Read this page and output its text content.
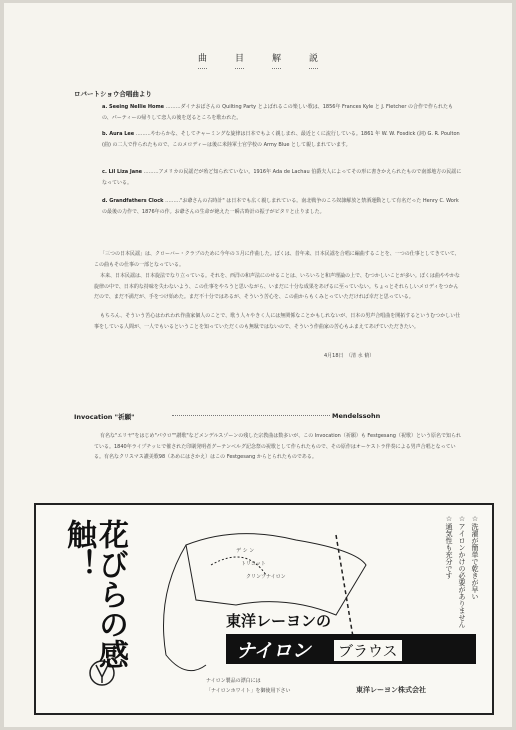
曲	目	解	説
ロバートショウ合唱曲より
a. Seeing Nellie Home ………ダイナおばさんの Quilting Party とよばれるこの楽しい歌は、1856年 Frances Kyle と J. Fletcher の合作で作られたもの、パーティーの帰りして恋人の後を送るところを歌われた。
b. Aura Lee ………やわらかな、そしてチャーミングな旋律は日本でもよく親しまれ、最近とくに流行している。1861 年 W. W. Fosdick (詞) G. R. Poulton (曲) の二人で作られたもので、このメロディーは後に米陸軍士官学校の Army Blue として親しまれています。
c. Lil Liza Jane ………アメリカの民謡だが殆ど知られていない。1916年 Ada de Lachau 伯爵夫人によってその形に書きかえられたもので南部地方の民謡になっている。
d. Grandfathers Clock ………"お爺さんの古時計" は日本でも広く親しまれている。南北戦争のころ奴隷解放と禁酒運動として有名だった Henry C. Work の最後の力作で、1876年の作。お爺さんの生命が絶えた一瞬古時計の振子がピタリと止りました。
「三つの日本民謡」は、クローバー・クラブのために今年の３月に作曲した。ぼくは、昔年来、日本民謡を合唱に編曲することを、一つの仕事としてきていて、この曲もその仕事の一部となっている。
本来、日本民謡は、日本旋法でなり立っている。それを、西洋の和声法にのせることは、いろいろと和声理論の上で、むつかしいことが多い。ぼくは曲ややかな旋律の中で、日本的な持味を失わないよう、この仕事をやろうと思いながら、いまだに十分な成果をあげるに至っていない。ちょっとそれらしいメロディをつかんだので、まだ不満だが、手をつけ始めた。まだ不十分ではあるが、そういう苦心を、この曲からもくみとっていただければ幸だと思っている。
もちろん、そういう苦心はわれわれ作曲家個人のことで、歌う人々やきく人には無関係なことかもしれないが、日本の男声合唱曲を開拓するというむつかしい仕事をしている人間が、一人でもいるということを知っていただくのも無駄ではないので、そういう作曲家の苦心もふまえてあげていただきたい。
4月18日　（清 水 脩）
Invocation "祈願"	Mendelssohn
有名な"エリヤ"をはじめ"パウロ""讃歌"などメンデルスゾーンの残した宗教曲は数多いが、この Invocation（祈願）も Festgesang（祝歌）という原名で知られている。1840年ライプチッヒで催された印刷発明者グーテンベルグ記念祭の祝歌として作られたもので、その原作はオーケストラ伴奏による男声合唱となっている。有名なクリスマス讃美歌98（あめにはさかえ）はこの Festgesang からとられたものである。
花びらの感触！	デ シ ン
トリコット
クリンプナイロン
東洋レーヨンの
ナイロン ブラウス
ナイロン製品の漂白には
「ナイロンホワイト」を御使用下さい	東洋レーヨン株式会社
☆洗濯が簡単で乾きが早い
☆アイロンかけの必要がありません
☆通気性も充分です
